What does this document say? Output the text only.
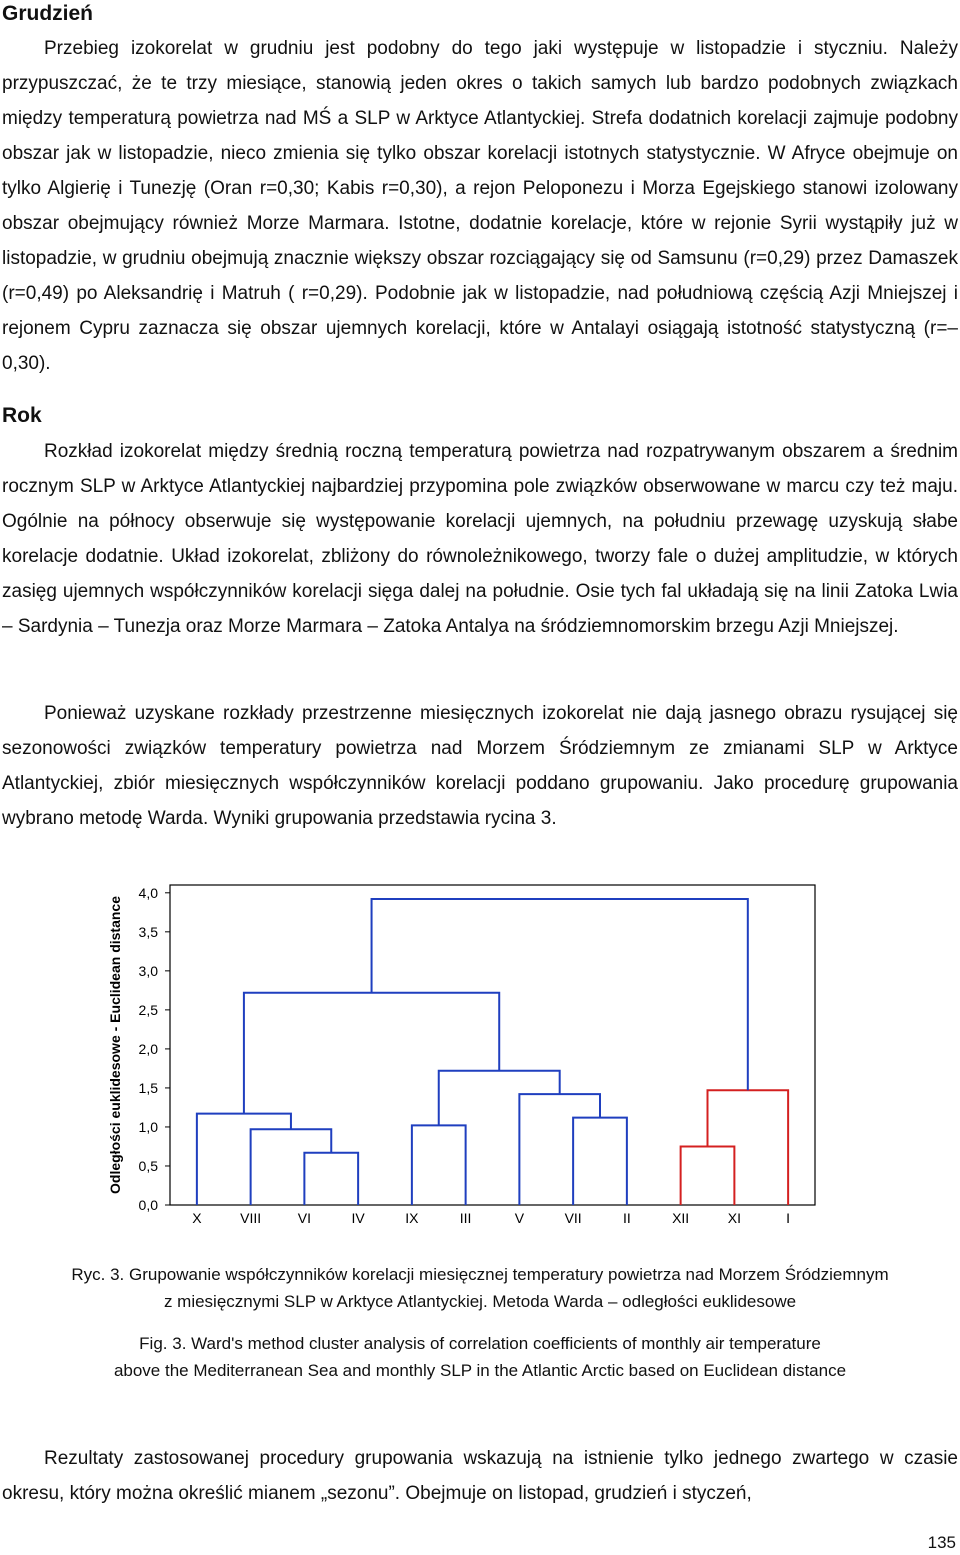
Grudzień

Przebieg izokorelat w grudniu jest podobny do tego jaki występuje w listopadzie i styczniu. Należy przypuszczać, że te trzy miesiące, stanowią jeden okres o takich samych lub bardzo podobnych związkach między temperaturą powietrza nad MŚ a SLP w Arktyce Atlantyckiej. Strefa dodatnich korelacji zajmuje podobny obszar jak w listopadzie, nieco zmienia się tylko obszar korelacji istotnych statystycznie. W Afryce obejmuje on tylko Algierię i Tunezję (Oran r=0,30; Kabis r=0,30), a rejon Peloponezu i Morza Egejskiego stanowi izolowany obszar obejmujący również Morze Marmara. Istotne, dodatnie korelacje, które w rejonie Syrii wystąpiły już w listopadzie, w grudniu obejmują znacznie większy obszar rozciągający się od Samsunu (r=0,29) przez Damaszek (r=0,49) po Aleksandrię i Matruh ( r=0,29). Podobnie jak w listopadzie, nad południową częścią Azji Mniejszej i rejonem Cypru zaznacza się obszar ujemnych korelacji, które w Antalayi osiągają istotność statystyczną (r=–0,30).

Rok

Rozkład izokorelat między średnią roczną temperaturą powietrza nad rozpatrywanym obszarem a średnim rocznym SLP w Arktyce Atlantyckiej najbardziej przypomina pole związków obserwowane w marcu czy też maju. Ogólnie na północy obserwuje się występowanie korelacji ujemnych, na południu przewagę uzyskują słabe korelacje dodatnie. Układ izokorelat, zbliżony do równoleżnikowego, tworzy fale o dużej amplitudzie, w których zasięg ujemnych współczynników korelacji sięga dalej na południe. Osie tych fal układają się na linii Zatoka Lwia – Sardynia – Tunezja oraz Morze Marmara – Zatoka Antalya na śródziemnomorskim brzegu Azji Mniejszej.

Ponieważ uzyskane rozkłady przestrzenne miesięcznych izokorelat nie dają jasnego obrazu rysującej się sezonowości związków temperatury powietrza nad Morzem Śródziemnym ze zmianami SLP w Arktyce Atlantyckiej, zbiór miesięcznych współczynników korelacji poddano grupowaniu. Jako procedurę grupowania wybrano metodę Warda. Wyniki grupowania przedstawia rycina 3.

0,0
0,5
1,0
1,5
2,0
2,5
3,0
3,5
4,0
Odległości euklidesowe - Euclidean distance
X	VIII	VI	IV	IX	III	V	VII	II	XII	XI	I
Ryc. 3. Grupowanie współczynników korelacji miesięcznej temperatury powietrza nad Morzem Śródziemnym
z miesięcznymi SLP w Arktyce Atlantyckiej. Metoda Warda – odległości euklidesowe
Fig. 3. Ward's method cluster analysis of correlation coefficients of monthly air temperature
above the Mediterranean Sea and monthly SLP in the Atlantic Arctic based on Euclidean distance

Rezultaty zastosowanej procedury grupowania wskazują na istnienie tylko jednego zwartego w czasie okresu, który można określić mianem „sezonu”. Obejmuje on listopad, grudzień i styczeń,

135
